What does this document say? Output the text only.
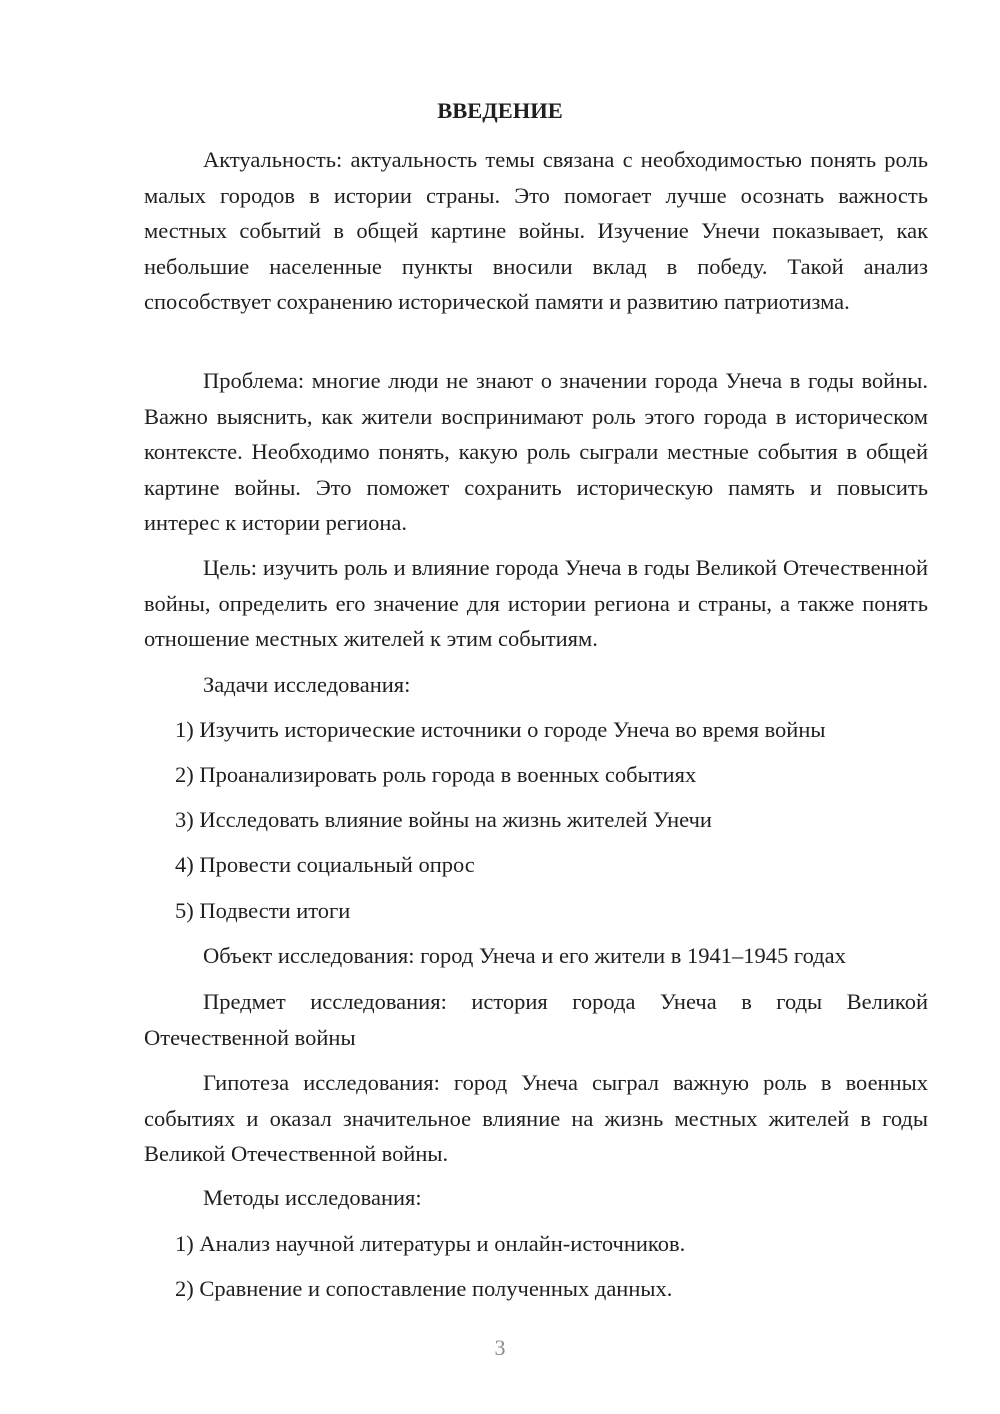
ВВЕДЕНИЕ

Актуальность: актуальность темы связана с необходимостью понять роль малых городов в истории страны. Это помогает лучше осознать важность местных событий в общей картине войны. Изучение Унечи показывает, как небольшие населенные пункты вносили вклад в победу. Такой анализ способствует сохранению исторической памяти и развитию патриотизма.

Проблема: многие люди не знают о значении города Унеча в годы войны. Важно выяснить, как жители воспринимают роль этого города в историческом контексте. Необходимо понять, какую роль сыграли местные события в общей картине войны. Это поможет сохранить историческую память и повысить интерес к истории региона.

Цель: изучить роль и влияние города Унеча в годы Великой Отечественной войны, определить его значение для истории региона и страны, а также понять отношение местных жителей к этим событиям.

Задачи исследования:
1) Изучить исторические источники о городе Унеча во время войны
2) Проанализировать роль города в военных событиях
3) Исследовать влияние войны на жизнь жителей Унечи
4) Провести социальный опрос
5) Подвести итоги
Объект исследования: город Унеча и его жители в 1941–1945 годах

Предмет исследования: история города Унеча в годы Великой Отечественной войны

Гипотеза исследования: город Унеча сыграл важную роль в военных событиях и оказал значительное влияние на жизнь местных жителей в годы Великой Отечественной войны.

Методы исследования:
1) Анализ научной литературы и онлайн-источников.
2) Сравнение и сопоставление полученных данных.
3
